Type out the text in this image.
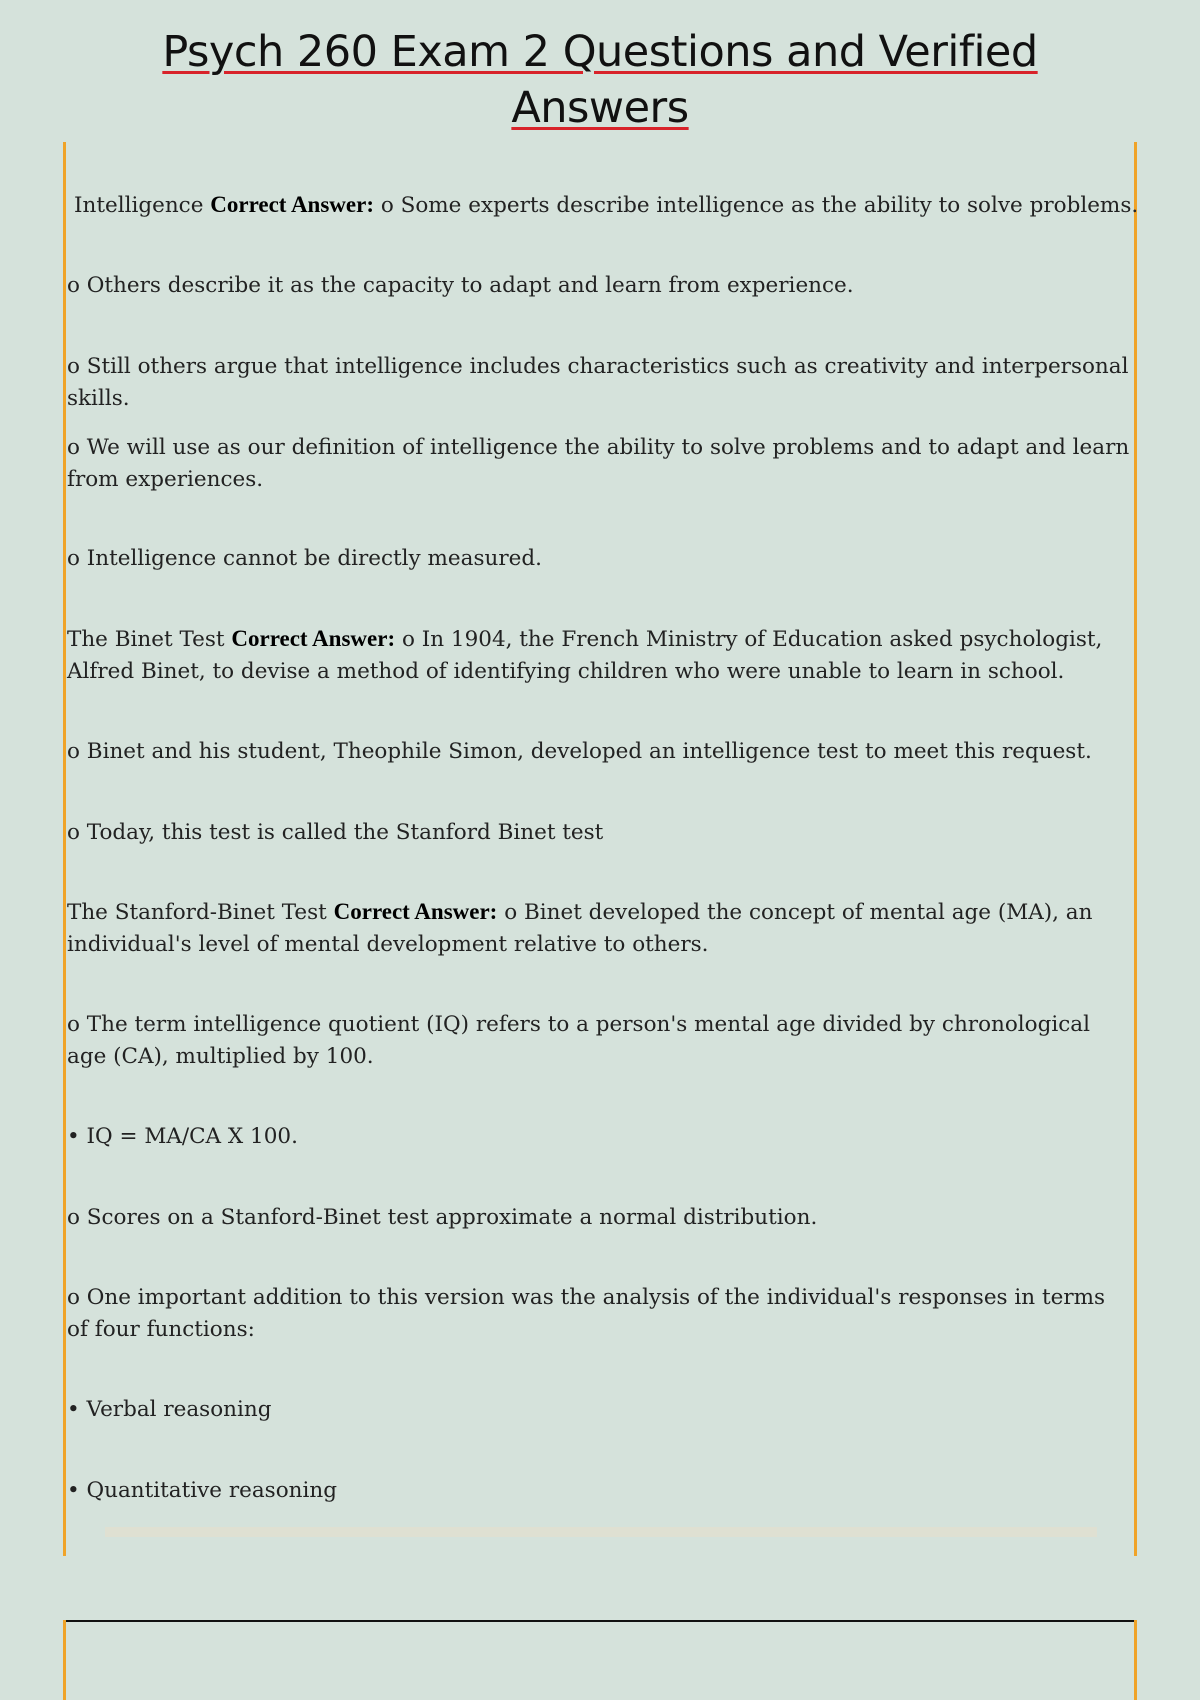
Psych 260 Exam 2 Questions and Verified
Answers
Intelligence Correct Answer: o Some experts describe intelligence as the ability to solve problems.
o Others describe it as the capacity to adapt and learn from experience.
o Still others argue that intelligence includes characteristics such as creativity and interpersonal skills.
o We will use as our definition of intelligence the ability to solve problems and to adapt and learn from experiences.
o Intelligence cannot be directly measured.
The Binet Test Correct Answer: o In 1904, the French Ministry of Education asked psychologist, Alfred Binet, to devise a method of identifying children who were unable to learn in school.
o Binet and his student, Theophile Simon, developed an intelligence test to meet this request.
o Today, this test is called the Stanford Binet test
The Stanford-Binet Test Correct Answer: o Binet developed the concept of mental age (MA), an individual's level of mental development relative to others.
o The term intelligence quotient (IQ) refers to a person's mental age divided by chronological age (CA), multiplied by 100.
• IQ = MA/CA X 100.
o Scores on a Stanford-Binet test approximate a normal distribution.
o One important addition to this version was the analysis of the individual's responses in terms of four functions:
• Verbal reasoning
• Quantitative reasoning
